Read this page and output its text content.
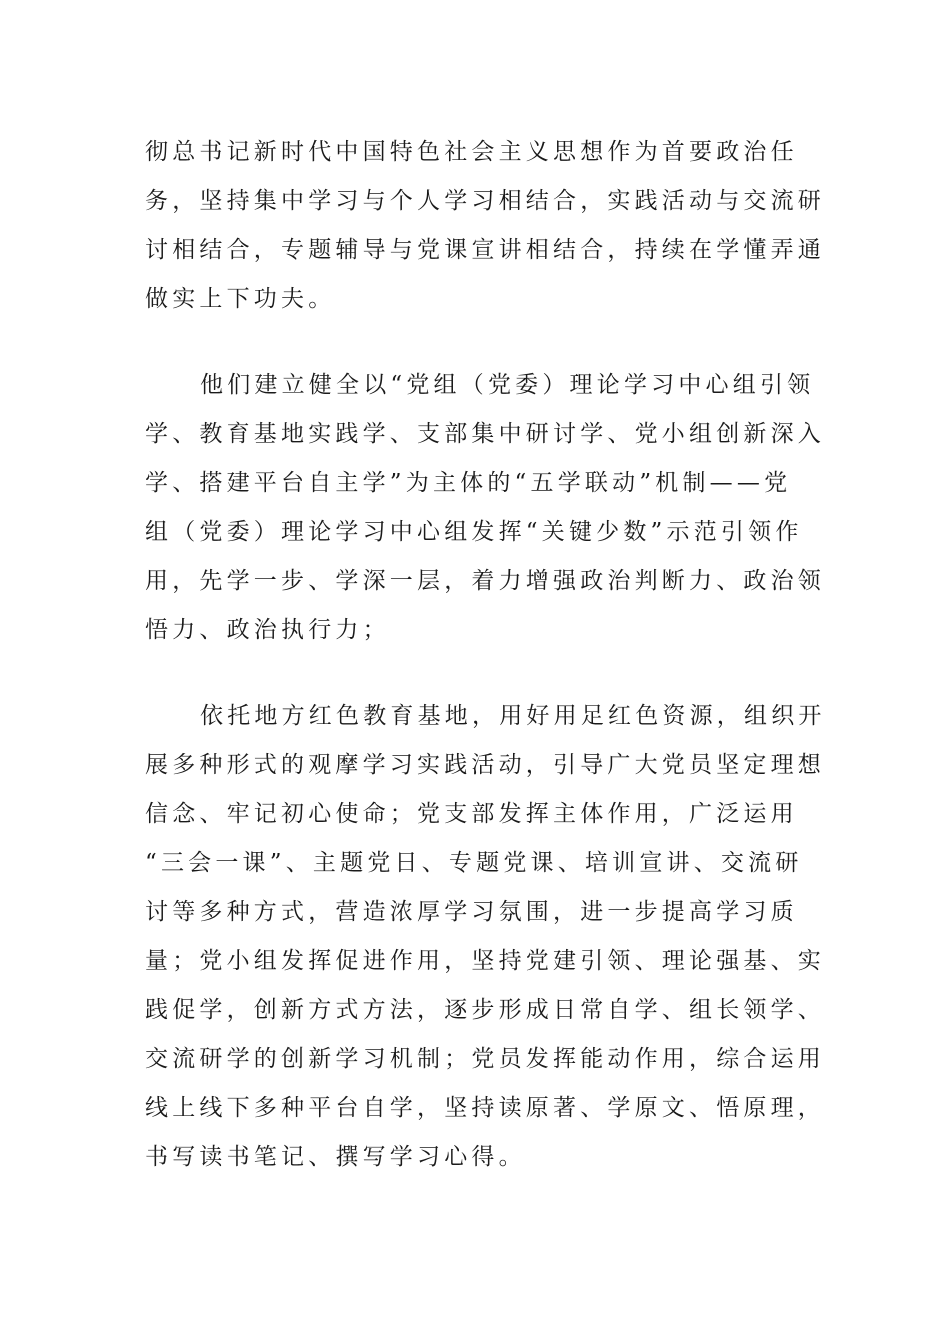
彻总书记新时代中国特色社会主义思想作为首要政治任
务，坚持集中学习与个人学习相结合，实践活动与交流研
讨相结合，专题辅导与党课宣讲相结合，持续在学懂弄通
做实上下功夫。
他们建立健全以“党组（党委）理论学习中心组引领
学、教育基地实践学、支部集中研讨学、党小组创新深入
学、搭建平台自主学”为主体的“五学联动”机制——党
组（党委）理论学习中心组发挥“关键少数”示范引领作
用，先学一步、学深一层，着力增强政治判断力、政治领
悟力、政治执行力；
依托地方红色教育基地，用好用足红色资源，组织开
展多种形式的观摩学习实践活动，引导广大党员坚定理想
信念、牢记初心使命；党支部发挥主体作用，广泛运用
“三会一课”、主题党日、专题党课、培训宣讲、交流研
讨等多种方式，营造浓厚学习氛围，进一步提高学习质
量；党小组发挥促进作用，坚持党建引领、理论强基、实
践促学，创新方式方法，逐步形成日常自学、组长领学、
交流研学的创新学习机制；党员发挥能动作用，综合运用
线上线下多种平台自学，坚持读原著、学原文、悟原理，
书写读书笔记、撰写学习心得。
